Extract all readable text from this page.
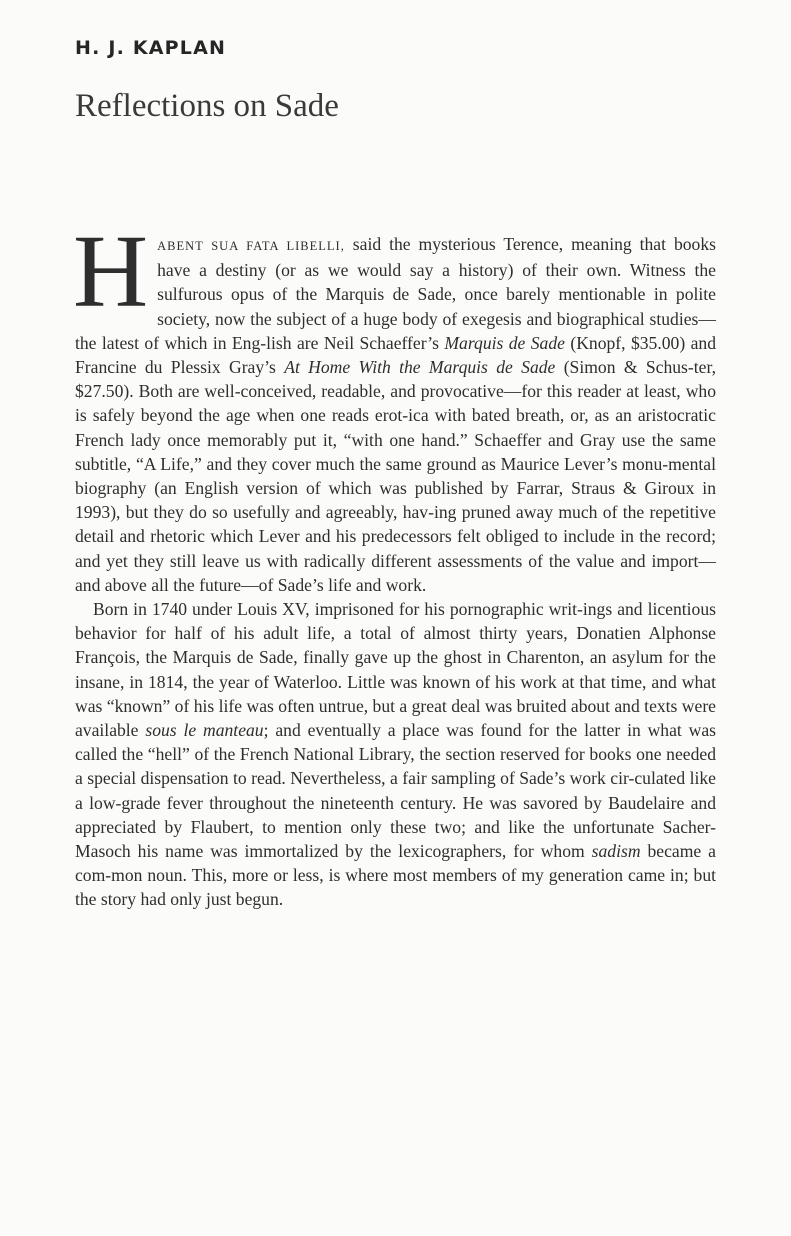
H. J. KAPLAN
Reflections on Sade

HABENT SUA FATA LIBELLI, said the mysterious Terence, meaning that books have a destiny (or as we would say a history) of their own. Witness the sulfurous opus of the Marquis de Sade, once barely mentionable in polite society, now the subject of a huge body of exegesis and biographical studies—the latest of which in Eng-lish are Neil Schaeffer’s Marquis de Sade (Knopf, $35.00) and Francine du Plessix Gray’s At Home With the Marquis de Sade (Simon & Schus-ter, $27.50). Both are well-conceived, readable, and provocative—for this reader at least, who is safely beyond the age when one reads erot-ica with bated breath, or, as an aristocratic French lady once memorably put it, “with one hand.” Schaeffer and Gray use the same subtitle, “A Life,” and they cover much the same ground as Maurice Lever’s monu-mental biography (an English version of which was published by Farrar, Straus & Giroux in 1993), but they do so usefully and agreeably, hav-ing pruned away much of the repetitive detail and rhetoric which Lever and his predecessors felt obliged to include in the record; and yet they still leave us with radically different assessments of the value and import—and above all the future—of Sade’s life and work.

Born in 1740 under Louis XV, imprisoned for his pornographic writ-ings and licentious behavior for half of his adult life, a total of almost thirty years, Donatien Alphonse François, the Marquis de Sade, finally gave up the ghost in Charenton, an asylum for the insane, in 1814, the year of Waterloo. Little was known of his work at that time, and what was “known” of his life was often untrue, but a great deal was bruited about and texts were available sous le manteau; and eventually a place was found for the latter in what was called the “hell” of the French National Library, the section reserved for books one needed a special dispensation to read. Nevertheless, a fair sampling of Sade’s work cir-culated like a low-grade fever throughout the nineteenth century. He was savored by Baudelaire and appreciated by Flaubert, to mention only these two; and like the unfortunate Sacher-Masoch his name was immortalized by the lexicographers, for whom sadism became a com-mon noun. This, more or less, is where most members of my generation came in; but the story had only just begun.
